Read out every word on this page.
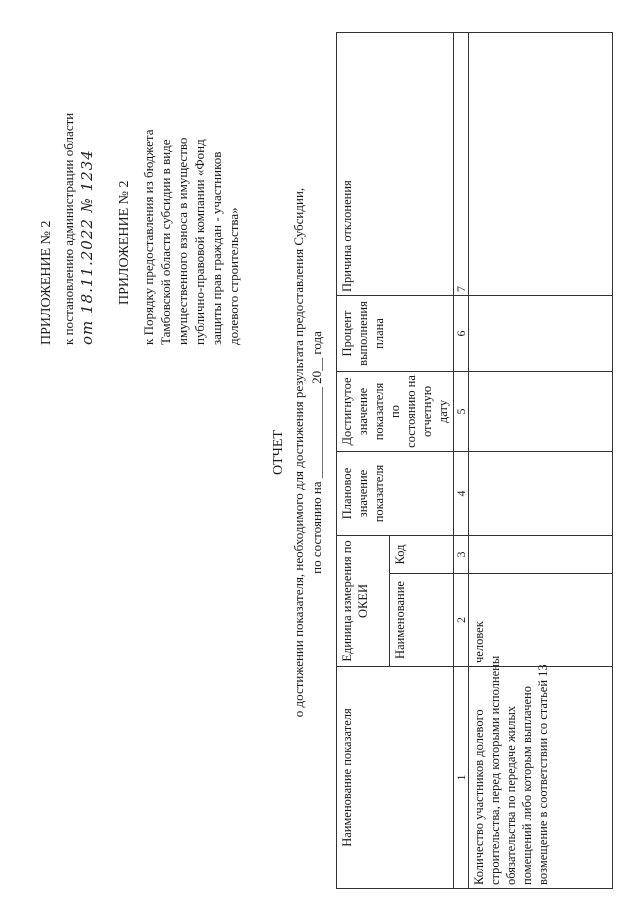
ПРИЛОЖЕНИЕ № 2 к постановлению администрации области от 18.11.2022 № 1234 ПРИЛОЖЕНИЕ № 2 к Порядку предоставления из бюджета Тамбовской области субсидии в виде имущественного взноса в имущество публично-правовой компании «Фонд защиты прав граждан - участников долевого строительства»
ОТЧЕТ о достижении показателя, необходимого для достижения результата предоставления Субсидии, по состоянию на ______________ 20__ года
Наименование показателя	Единица измерения по ОКЕИ		Плановое значение показателя	Достигнутое значение показателя по состоянию на отчетную дату	Процент выполнения плана	Причина отклонения
	Наименование	Код				
1	2	3	4	5	6	7

Количество участников долевого строительства, перед которыми исполнены обязательства по передаче жилых помещений либо которым выплачено возмещение в соответствии со статьей 13	человек					
